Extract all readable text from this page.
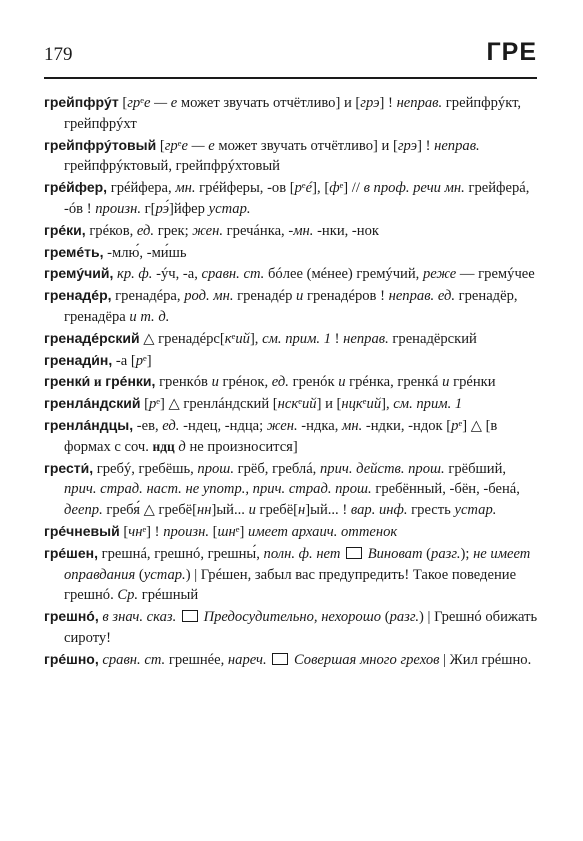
179	ГРЕ

грейпфрýт [грᵉе — е может звучать отчётливо] и [грэ] ! неправ. грейпфрýкт, грейпфрýхт

грейпфрýтовый [грᵉе — е может звучать отчётливо] и [грэ] ! неправ. грейпфрýктовый, грейпфрýхтовый

грéйфер, грéйфера, мн. грéйферы, -ов [рᵉé], [фᵉ] // в проф. речи мн. грейферá, -óв ! произн. г[рэ́]йфер устар.

грéки, грéков, ед. грек; жен. гречáнка, -мн. -нки, -нок

гремéть, -млю́, -ми́шь

гремýчий, кр. ф. -ýч, -а, сравн. ст. бóлее (мéнее) гремýчий, реже — гремýчее

гренадéр, гренадéра, род. мн. гренадéр и гренадéров ! неправ. ед. гренадëр, гренадëра и т. д.

гренадéрский △ гренадéрс[кᵉий], см. прим. 1 ! неправ. гренадëрский

гренади́н, -а [рᵉ]

гренки́ и грéнки, гренкóв и грéнок, ед. гренóк и грéнка, гренкá и грéнки

гренлáндский [рᵉ] △ гренлáндский [нскᵉий] и [нцкᵉий], см. прим. 1

гренлáндцы, -ев, ед. -ндец, -ндца; жен. -ндка, мн. -ндки, -ндок [рᵉ] △ [в формах с соч. ндц д не произносится]

грести́, гребý, гребëшь, прош. грëб, греблá, прич. действ. прош. грëбший, прич. страд. наст. не употр., прич. страд. прош. гребëнный, -бëн, -бенá, деепр. гребя́ △ гребë[нн]ый... и гребë[н]ый... ! вар. инф. гресть устар.

грéчневый [чнᵉ] ! произн. [шнᵉ] имеет архаич. оттенок

грéшен, грешнá, грешнó, грешны́, полн. ф. нет Виноват (разг.); не имеет оправдания (устар.) | Грéшен, забыл вас предупредить! Такое поведение грешнó. Ср. грéшный

грешнó, в знач. сказ. Предосудительно, нехорошо (разг.) | Грешнó обижать сироту!

грéшно, сравн. ст. грешнéе, нареч. Совершая много грехов | Жил грéшно.
